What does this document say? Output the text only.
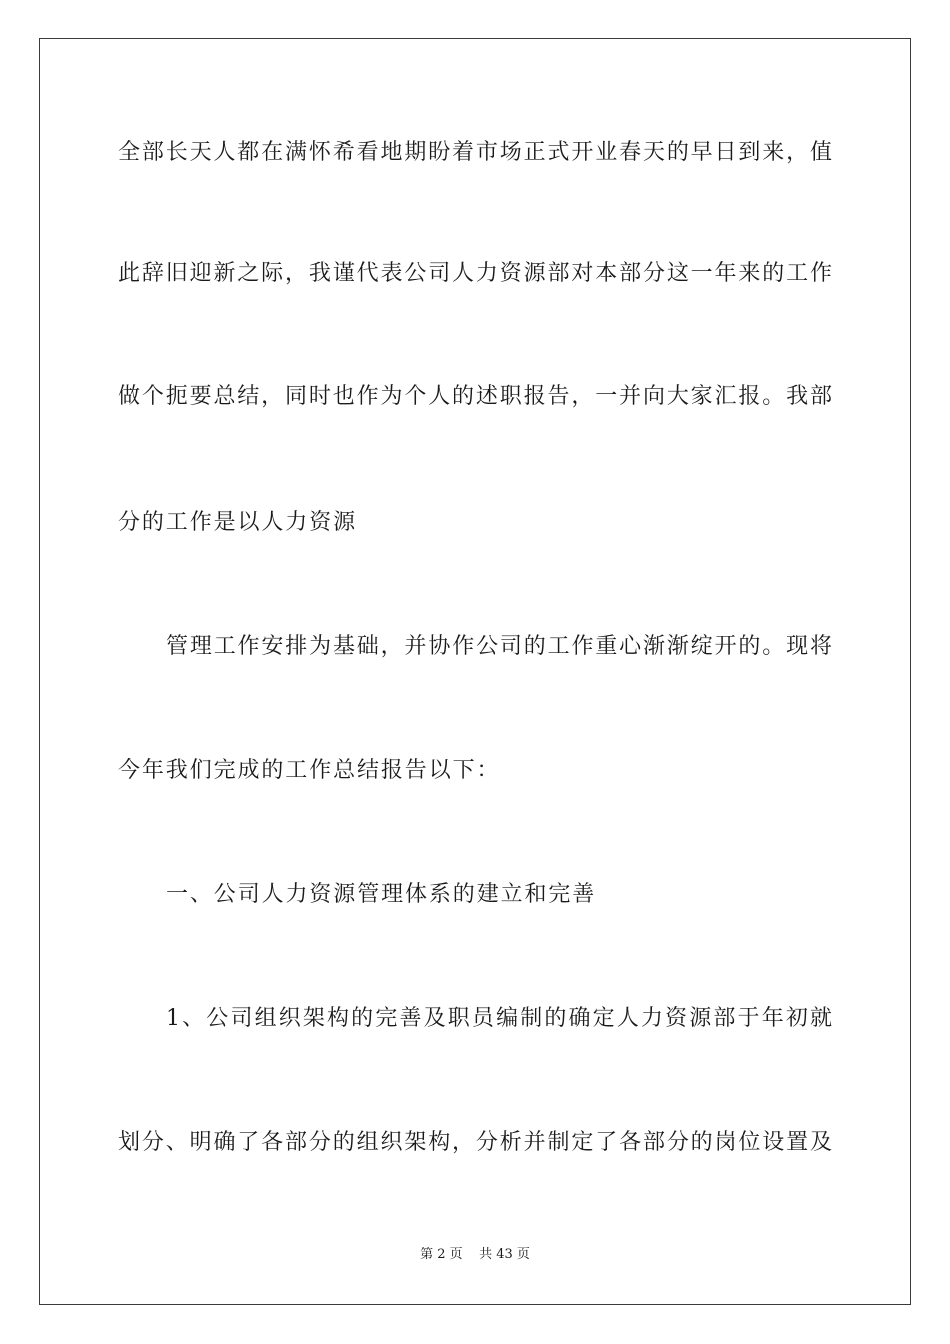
全部长天人都在满怀希看地期盼着市场正式开业春天的早日到来，值
此辞旧迎新之际，我谨代表公司人力资源部对本部分这一年来的工作
做个扼要总结，同时也作为个人的述职报告，一并向大家汇报。我部
分的工作是以人力资源
管理工作安排为基础，并协作公司的工作重心渐渐绽开的。现将
今年我们完成的工作总结报告以下：
一、公司人力资源管理体系的建立和完善
1、公司组织架构的完善及职员编制的确定人力资源部于年初就
划分、明确了各部分的组织架构，分析并制定了各部分的岗位设置及
第 2 页    共 43 页
